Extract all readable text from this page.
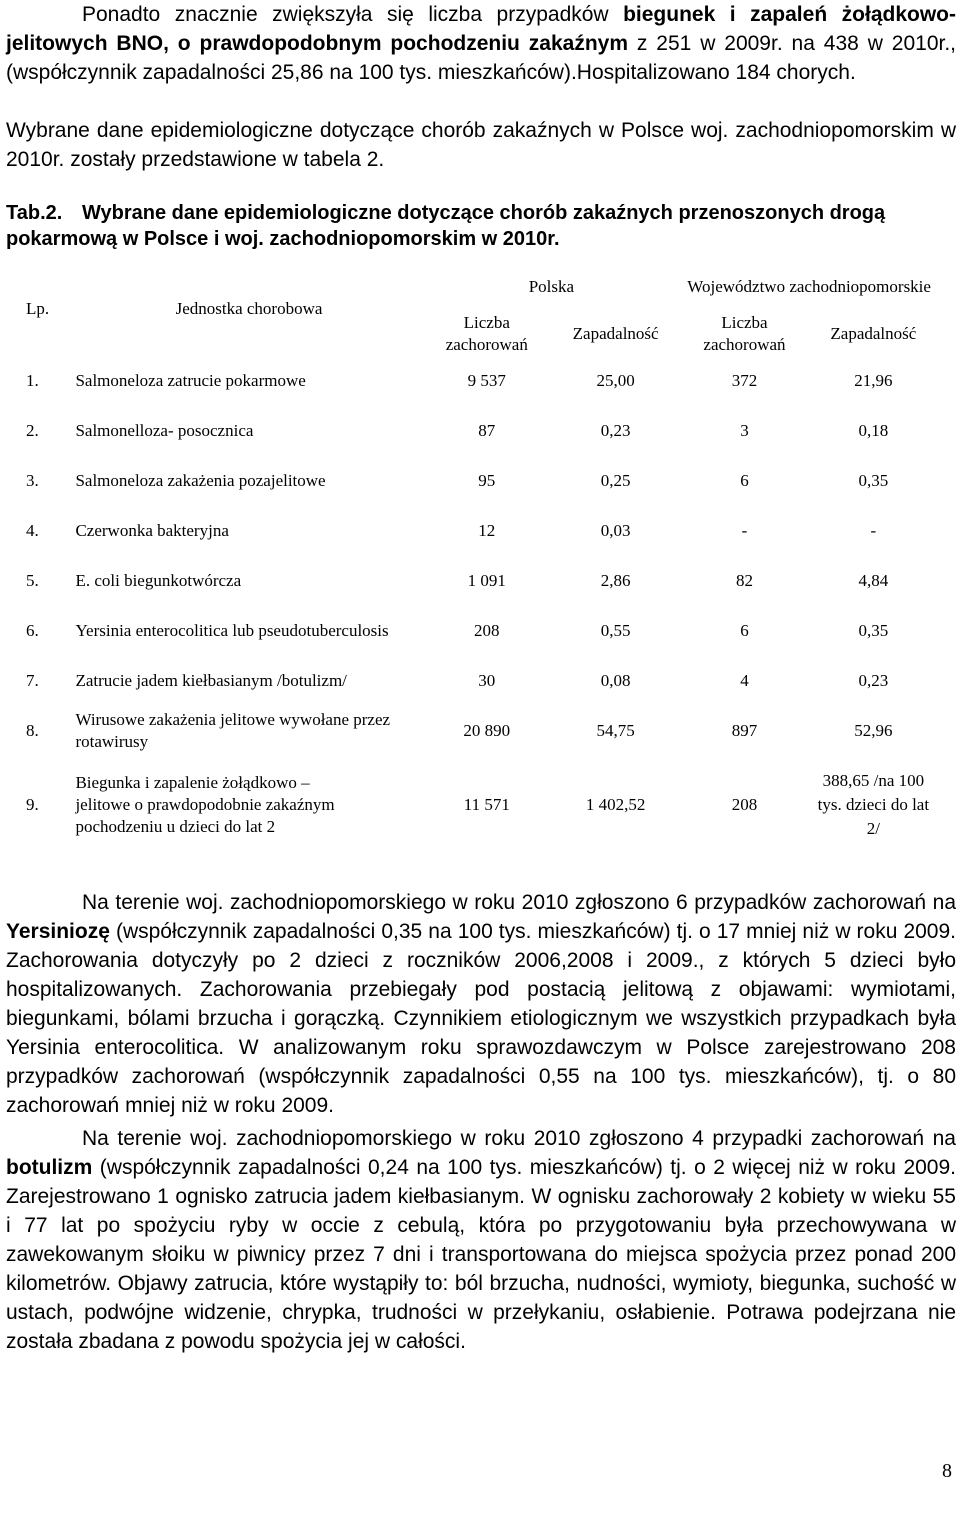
Ponadto znacznie zwiększyła się liczba przypadków biegunek i zapaleń żołądkowo-jelitowych BNO, o prawdopodobnym pochodzeniu zakaźnym z 251 w 2009r. na 438 w 2010r., (współczynnik zapadalności 25,86 na 100 tys. mieszkańców).Hospitalizowano 184 chorych.

Wybrane dane epidemiologiczne dotyczące chorób zakaźnych w Polsce woj. zachodniopomorskim w 2010r. zostały przedstawione w tabela 2.

Tab.2. Wybrane dane epidemiologiczne dotyczące chorób zakaźnych przenoszonych drogą pokarmową w Polsce i woj. zachodniopomorskim w 2010r.
Lp.	Jednostka chorobowa	Polska		Województwo zachodniopomorskie	
		Liczba zachorowań	Zapadalność	Liczba zachorowań	Zapadalność
1.	Salmoneloza zatrucie pokarmowe	9 537	25,00	372	21,96
2.	Salmonelloza- posocznica	87	0,23	3	0,18
3.	Salmoneloza zakażenia pozajelitowe	95	0,25	6	0,35
4.	Czerwonka bakteryjna	12	0,03	-	-
5.	E. coli biegunkotwórcza	1 091	2,86	82	4,84
6.	Yersinia enterocolitica lub pseudotuberculosis	208	0,55	6	0,35
7.	Zatrucie jadem kiełbasianym /botulizm/	30	0,08	4	0,23
8.	Wirusowe zakażenia jelitowe wywołane przez rotawirusy	20 890	54,75	897	52,96
9.	Biegunka i zapalenie żołądkowo – jelitowe o prawdopodobnie zakaźnym pochodzeniu u dzieci do lat 2	11 571	1 402,52	208	388,65 /na 100 tys. dzieci do lat 2/

Na terenie woj. zachodniopomorskiego w roku 2010 zgłoszono 6 przypadków zachorowań na Yersiniozę (współczynnik zapadalności 0,35 na 100 tys. mieszkańców) tj. o 17 mniej niż w roku 2009. Zachorowania dotyczyły po 2 dzieci z roczników 2006,2008 i 2009., z których 5 dzieci było hospitalizowanych. Zachorowania przebiegały pod postacią jelitową z objawami: wymiotami, biegunkami, bólami brzucha i gorączką. Czynnikiem etiologicznym we wszystkich przypadkach była Yersinia enterocolitica. W analizowanym roku sprawozdawczym w Polsce zarejestrowano 208 przypadków zachorowań (współczynnik zapadalności 0,55 na 100 tys. mieszkańców), tj. o 80 zachorowań mniej niż w roku 2009.

Na terenie woj. zachodniopomorskiego w roku 2010 zgłoszono 4 przypadki zachorowań na botulizm (współczynnik zapadalności 0,24 na 100 tys. mieszkańców) tj. o 2 więcej niż w roku 2009. Zarejestrowano 1 ognisko zatrucia jadem kiełbasianym. W ognisku zachorowały 2 kobiety w wieku 55 i 77 lat po spożyciu ryby w occie z cebulą, która po przygotowaniu była przechowywana w zawekowanym słoiku w piwnicy przez 7 dni i transportowana do miejsca spożycia przez ponad 200 kilometrów. Objawy zatrucia, które wystąpiły to: ból brzucha, nudności, wymioty, biegunka, suchość w ustach, podwójne widzenie, chrypka, trudności w przełykaniu, osłabienie. Potrawa podejrzana nie została zbadana z powodu spożycia jej w całości.

8
